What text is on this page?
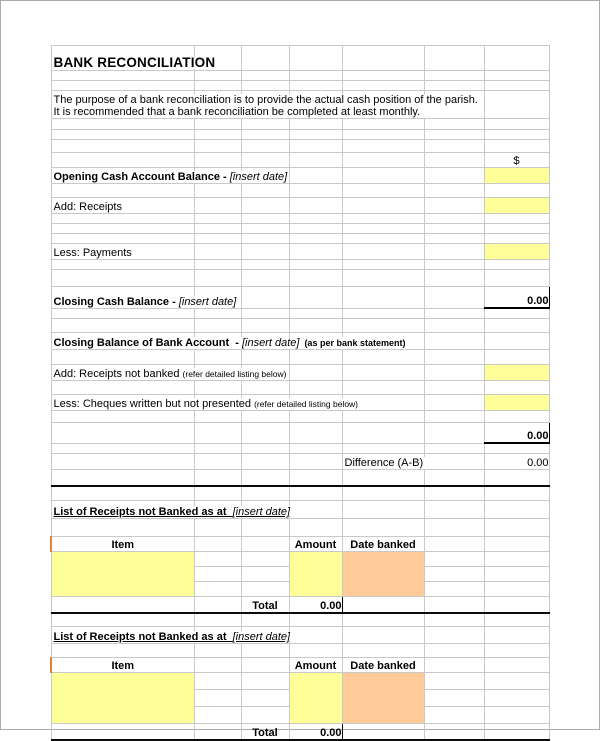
BANK RECONCILIATION						

The purpose of a bank reconciliation is to provide the actual cash position of the parish.
It is recommended that a bank reconciliation be completed at least monthly.						

						$
Opening Cash Account Balance - [insert date]						

Add: Receipts						

Less: Payments						

Closing Cash Balance - [insert date]						0.00

Closing Balance of Bank Account  - [insert date]  (as per bank statement)						

Add: Receipts not banked (refer detailed listing below)						

Less: Cheques written but not presented (refer detailed listing below)						

						0.00

				Difference (A-B)		0.00

List of Receipts not Banked as at  [insert date]						

Item			Amount	Date banked		

		Total	0.00			

List of Receipts not Banked as at  [insert date]						

Item			Amount	Date banked		

		Total	0.00			
